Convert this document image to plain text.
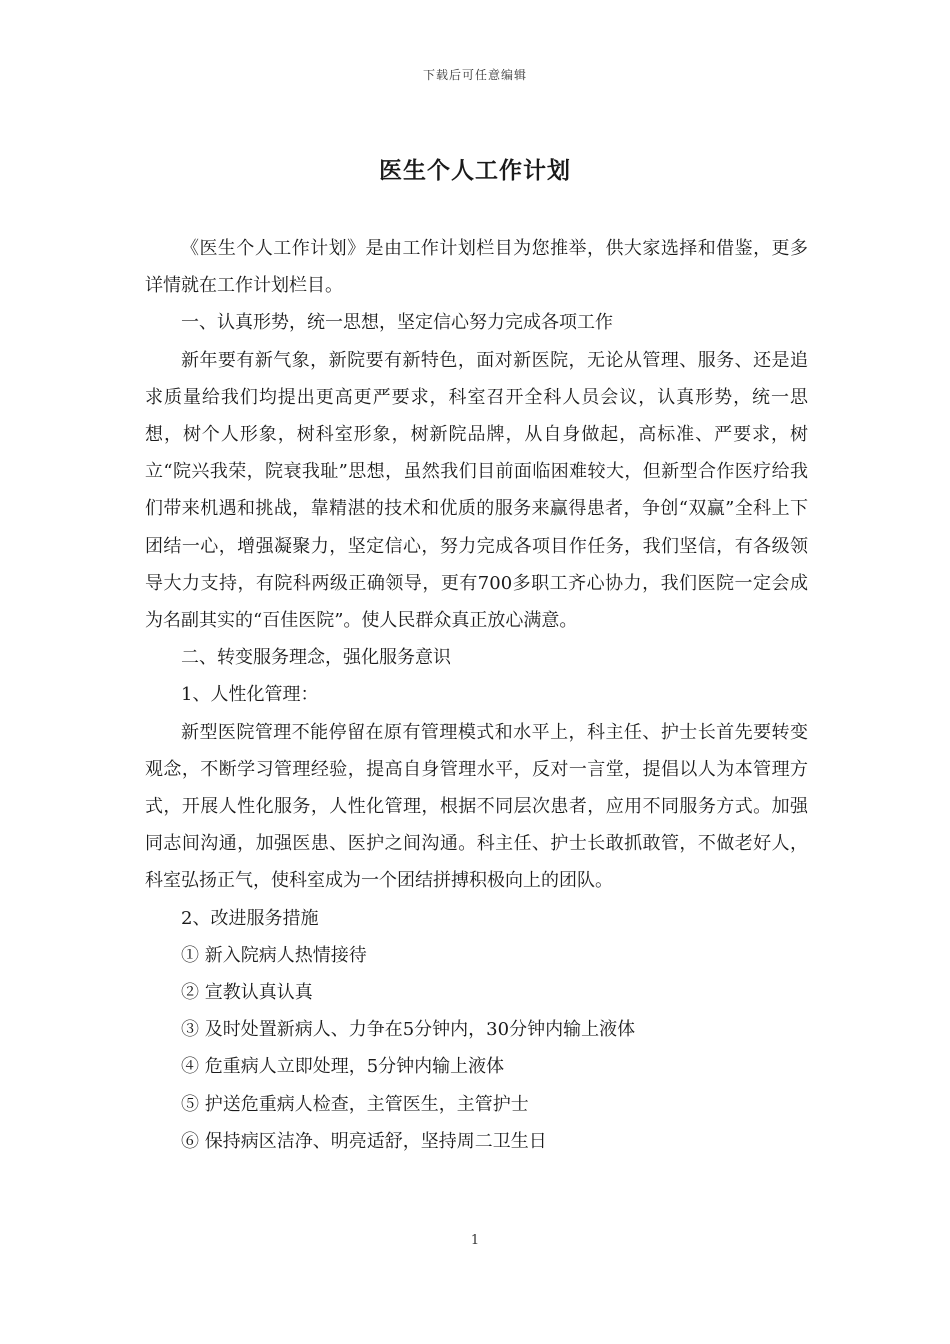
下载后可任意编辑
医生个人工作计划

《医生个人工作计划》是由工作计划栏目为您推举，供大家选择和借鉴，更多详情就在工作计划栏目。

一、认真形势，统一思想，坚定信心努力完成各项工作

新年要有新气象，新院要有新特色，面对新医院，无论从管理、服务、还是追求质量给我们均提出更高更严要求，科室召开全科人员会议，认真形势，统一思想，树个人形象，树科室形象，树新院品牌，从自身做起，高标准、严要求，树立“院兴我荣，院衰我耻”思想，虽然我们目前面临困难较大，但新型合作医疗给我们带来机遇和挑战，靠精湛的技术和优质的服务来赢得患者，争创“双赢”全科上下团结一心，增强凝聚力，坚定信心，努力完成各项目作任务，我们坚信，有各级领导大力支持，有院科两级正确领导，更有700多职工齐心协力，我们医院一定会成为名副其实的“百佳医院”。使人民群众真正放心满意。

二、转变服务理念，强化服务意识

1、人性化管理：

新型医院管理不能停留在原有管理模式和水平上，科主任、护士长首先要转变观念，不断学习管理经验，提高自身管理水平，反对一言堂，提倡以人为本管理方式，开展人性化服务，人性化管理，根据不同层次患者，应用不同服务方式。加强同志间沟通，加强医患、医护之间沟通。科主任、护士长敢抓敢管，不做老好人，科室弘扬正气，使科室成为一个团结拼搏积极向上的团队。

2、改进服务措施

① 新入院病人热情接待

② 宣教认真认真

③ 及时处置新病人、力争在5分钟内，30分钟内输上液体

④ 危重病人立即处理，5分钟内输上液体

⑤ 护送危重病人检查，主管医生，主管护士

⑥ 保持病区洁净、明亮适舒，坚持周二卫生日

1
